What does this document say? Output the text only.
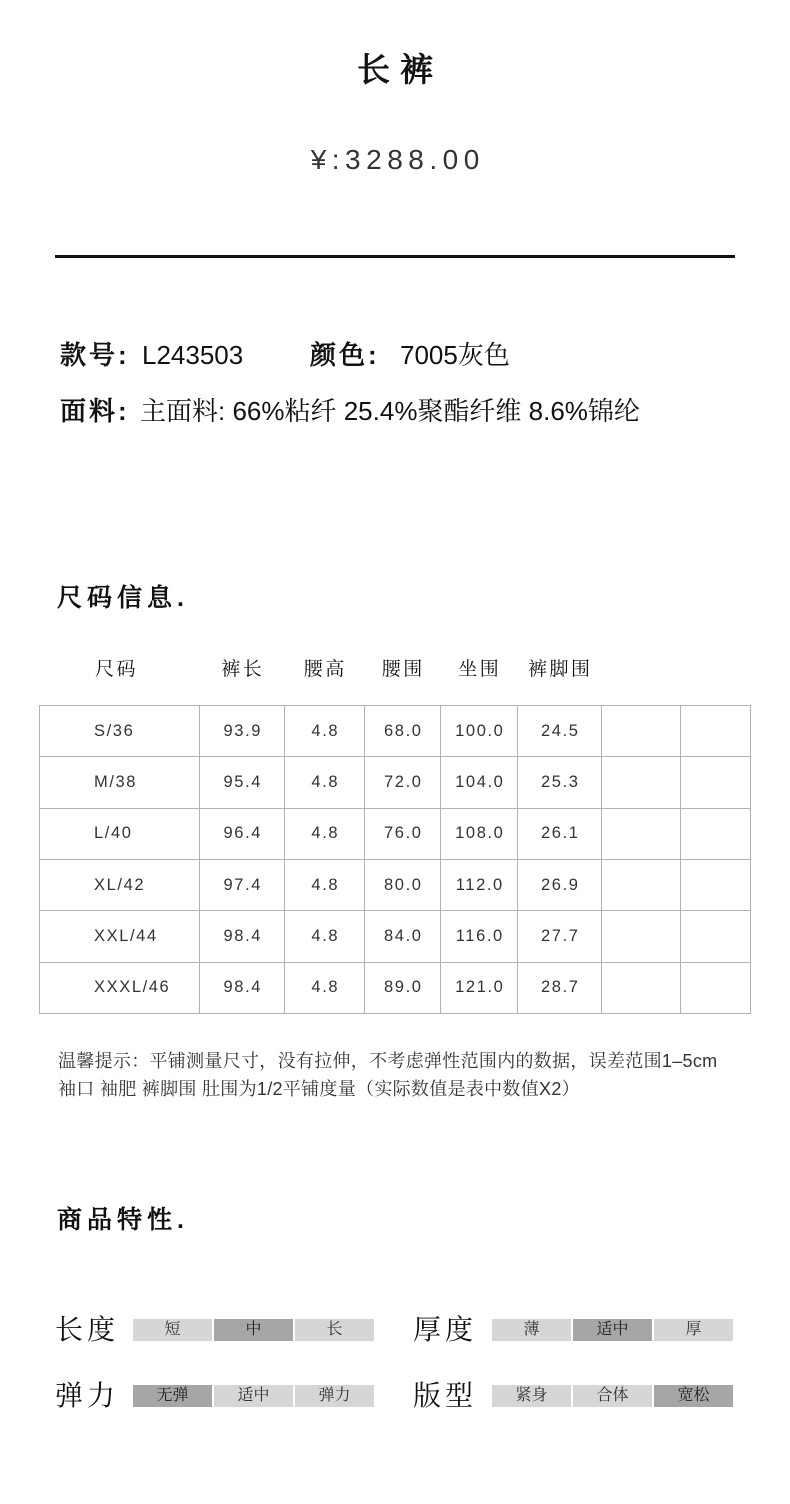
长裤
¥:3288.00
款号: L243503	颜色: 7005灰色
面料: 主面料: 66%粘纤 25.4%聚酯纤维 8.6%锦纶
尺码信息.
尺码	裤长	腰高	腰围	坐围	裤脚围
S/36	93.9	4.8	68.0	100.0	24.5		
M/38	95.4	4.8	72.0	104.0	25.3		
L/40	96.4	4.8	76.0	108.0	26.1		
XL/42	97.4	4.8	80.0	112.0	26.9		
XXL/44	98.4	4.8	84.0	116.0	27.7		
XXXL/46	98.4	4.8	89.0	121.0	28.7		
温馨提示：平铺测量尺寸，没有拉伸，不考虑弹性范围内的数据，误差范围1–5cm
袖口 袖肥 裤脚围 肚围为1/2平铺度量（实际数值是表中数值X2）
商品特性.
长度	短	中	长	厚度	薄	适中	厚
弹力	无弹	适中	弹力	版型	紧身	合体	宽松
